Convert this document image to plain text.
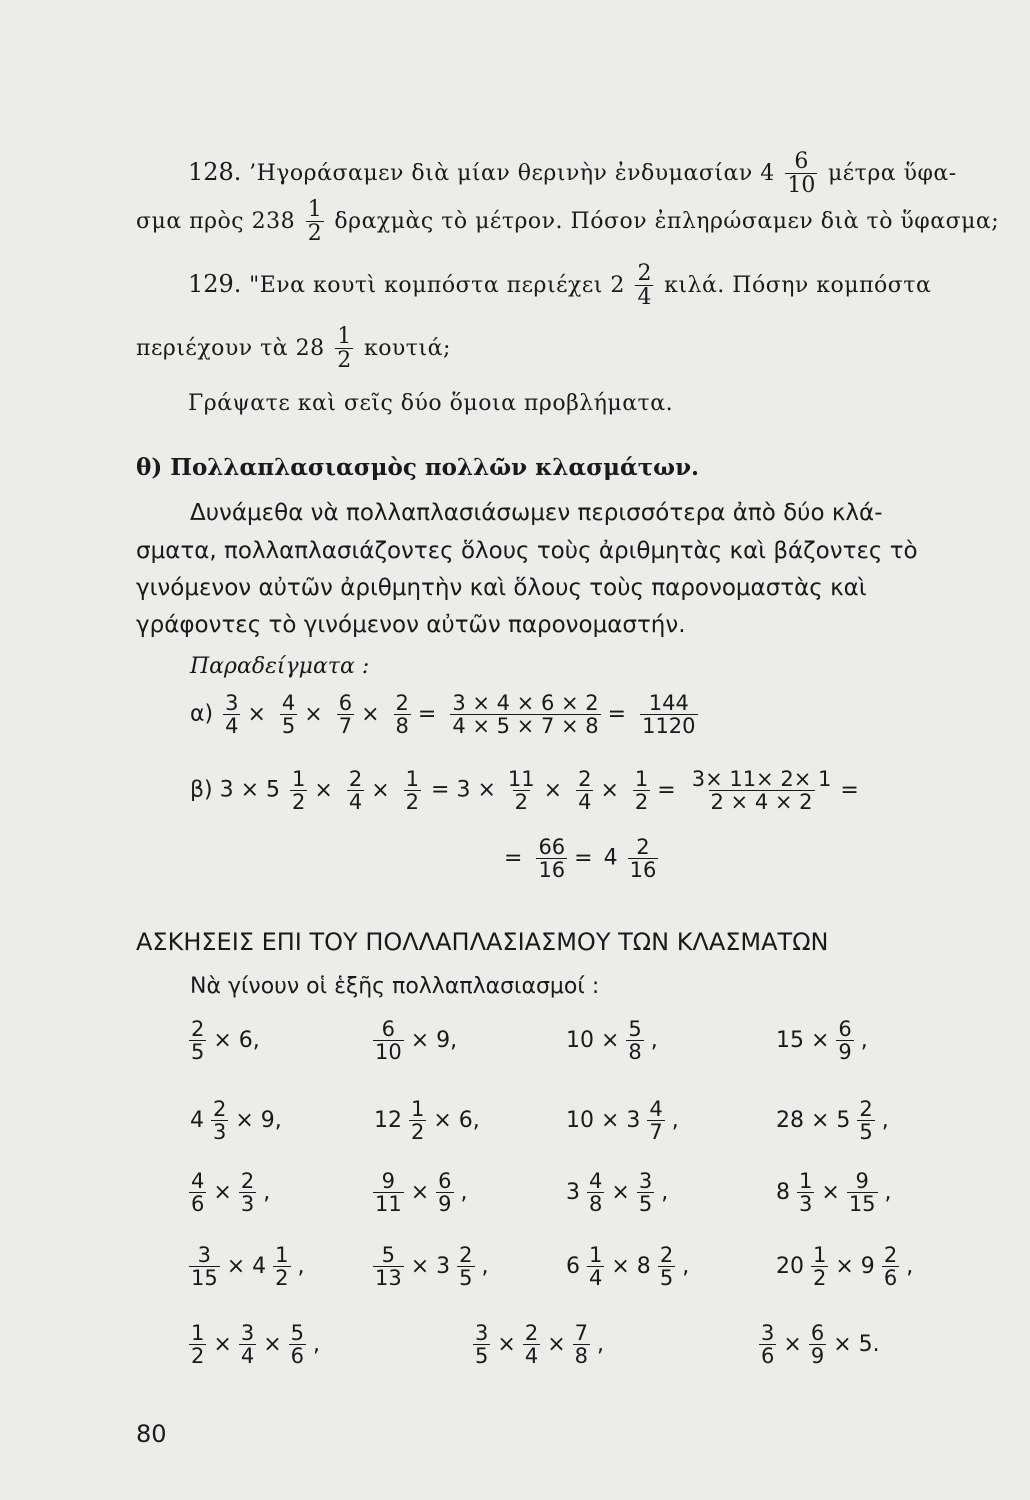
128. ’Ηγοράσαμεν διὰ μίαν θερινὴν ἐνδυμασίαν $4 \frac{6}{10}$ μέτρα ὕφα-
σμα πρὸς $238 \frac{1}{2}$ δραχμὰς τὸ μέτρον. Πόσον ἐπληρώσαμεν διὰ τὸ ὕφασμα;
129. "Ενα κουτὶ κομπόστα περιέχει $2 \frac{2}{4} \kappa\iota\lambda ά$. Πόσην κομπόστα
περιέχουν τὰ $28 \frac{1}{2} \kappa o\upsilon\tau\iota ά$;
Γράψατε καὶ σεῖς δύο ὅμοια προβλήματα.
θ) Πολλαπλασιασμὸς πολλῶν κλασμάτων.
Δυνάμεθα νὰ πολλαπλασιάσωμεν περισσότερα ἀπὸ δύο κλά-
σματα, πολλαπλασιάζοντες ὅλους τοὺς ἀριθμητὰς καὶ βάζοντες τὸ
γινόμενον αὐτῶν ἀριθμητὴν καὶ ὅλους τοὺς παρονομαστὰς καὶ
γράφοντες τὸ γινόμενον αὐτῶν παρονομαστήν.
Παραδείγματα :
$\alpha) \frac{3}{4} \times \frac{4}{5} \times \frac{6}{7} \times \frac{2}{8} = \frac{3 \times 4 \times 6 \times 2}{4 \times 5 \times 7 \times 8} = \frac{144}{1120}$
β) $3 \times 5 \frac{1}{2} \times \frac{2}{4} \times \frac{1}{2} = 3 \times \frac{11}{2} \times \frac{2}{4} \times \frac{1}{2} = \frac{3\times 11\times 2\times 1}{2 \times 4 \times 2}$ =
= $\frac{66}{16} = 4 \frac{2}{16}$
ΑΣΚΗΣΕΙΣ ΕΠΙ ΤΟΥ ΠΟΛΛΑΠΛΑΣΙΑΣΜΟΥ ΤΩΝ ΚΛΑΣΜΑΤΩΝ
Νὰ γίνουν οἱ ἑξῆς πολλαπλασιασμοί :
$\frac{2}{5} \times 6$,	$\frac{6}{10} \times 9$,	$10 \times \frac{5}{8}$ ,	$15 \times \frac{6}{9}$ ,
$4 \frac{2}{3} \times 9$,	$12 \frac{1}{2} \times 6$,	$10 \times 3 \frac{4}{7}$ ,	$28 \times 5 \frac{2}{5}$ ,
$\frac{4}{6} \times \frac{2}{3}$ ,	$\frac{9}{11} \times \frac{6}{9}$ ,	$3 \frac{4}{8} \times \frac{3}{5}$ ,	$8 \frac{1}{3} \times \frac{9}{15}$ ,
$\frac{3}{15} \times 4 \frac{1}{2}$ ,	$\frac{5}{13} \times 3 \frac{2}{5}$ ,	$6 \frac{1}{4} \times 8 \frac{2}{5}$ ,	$20 \frac{1}{2} \times 9 \frac{2}{6}$ ,
$\frac{1}{2} \times \frac{3}{4} \times \frac{5}{6}$ ,	$\frac{3}{5} \times \frac{2}{4} \times \frac{7}{8}$ ,	$\frac{3}{6} \times \frac{6}{9} \times 5$.
80
